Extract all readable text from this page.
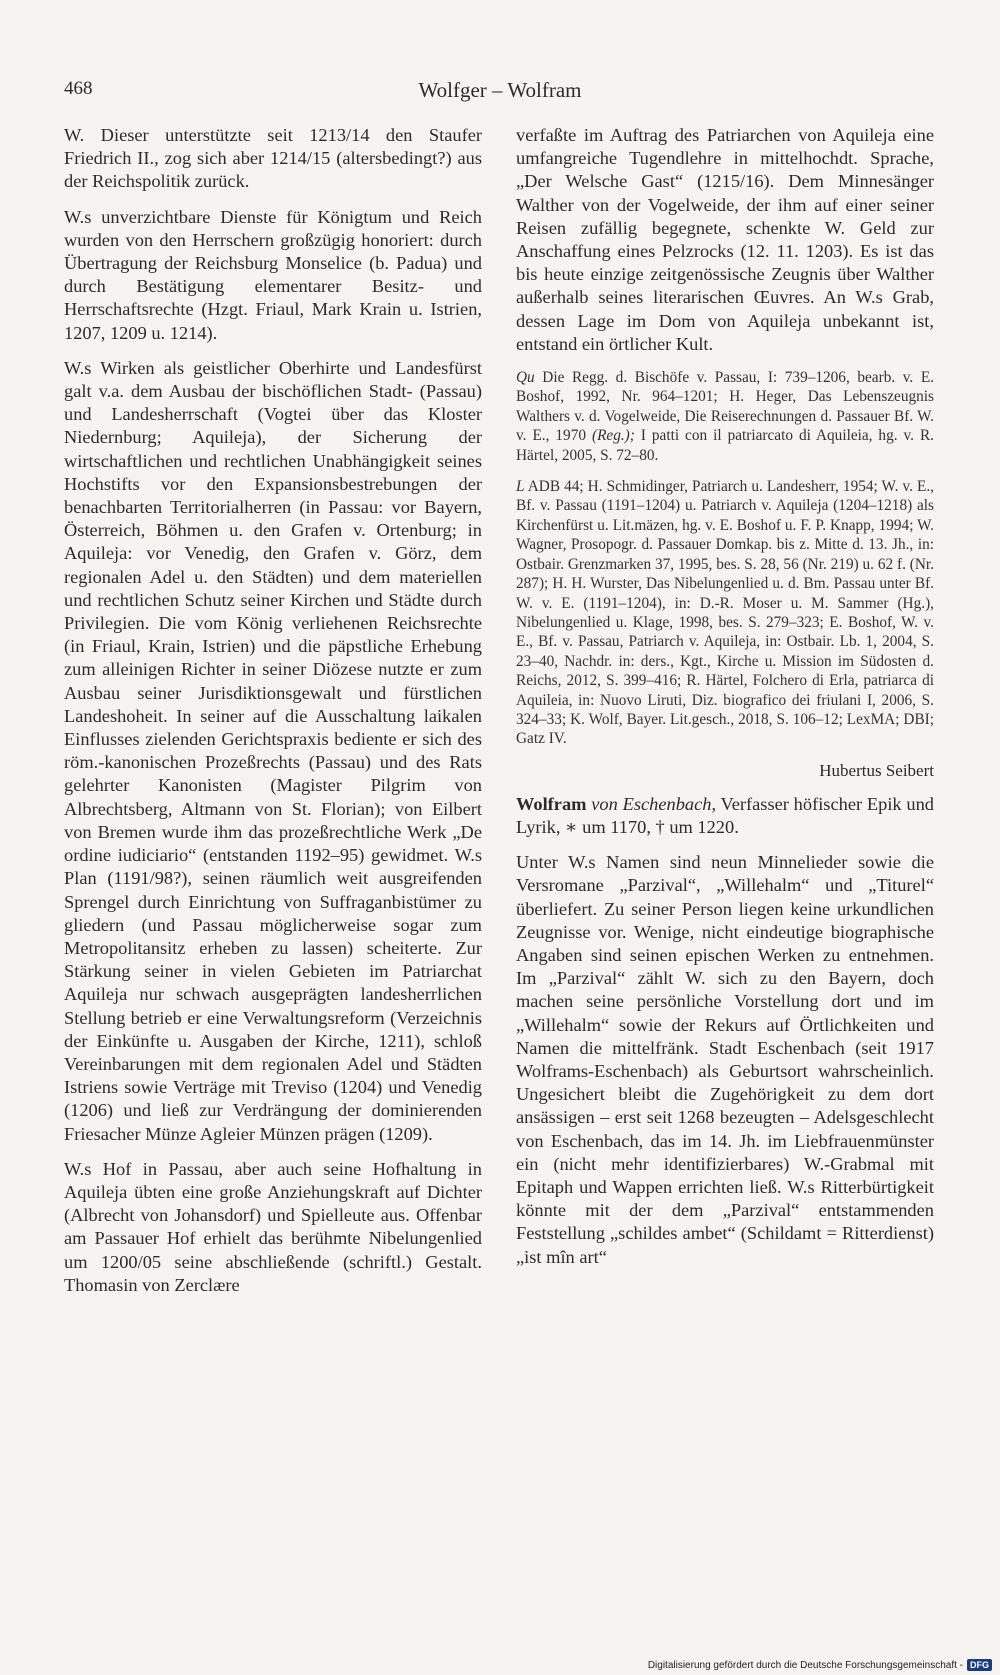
468	Wolfger – Wolfram

W. Dieser unterstützte seit 1213/14 den Staufer Friedrich II., zog sich aber 1214/15 (altersbedingt?) aus der Reichspolitik zurück.

W.s unverzichtbare Dienste für Königtum und Reich wurden von den Herrschern großzügig honoriert: durch Übertragung der Reichsburg Monselice (b. Padua) und durch Bestätigung elementarer Besitz- und Herrschaftsrechte (Hzgt. Friaul, Mark Krain u. Istrien, 1207, 1209 u. 1214).

W.s Wirken als geistlicher Oberhirte und Landesfürst galt v.a. dem Ausbau der bischöflichen Stadt- (Passau) und Landesherrschaft (Vogtei über das Kloster Niedernburg; Aquileja), der Sicherung der wirtschaftlichen und rechtlichen Unabhängigkeit seines Hochstifts vor den Expansionsbestrebungen der benachbarten Territorialherren (in Passau: vor Bayern, Österreich, Böhmen u. den Grafen v. Ortenburg; in Aquileja: vor Venedig, den Grafen v. Görz, dem regionalen Adel u. den Städten) und dem materiellen und rechtlichen Schutz seiner Kirchen und Städte durch Privilegien. Die vom König verliehenen Reichsrechte (in Friaul, Krain, Istrien) und die päpstliche Erhebung zum alleinigen Richter in seiner Diözese nutzte er zum Ausbau seiner Jurisdiktionsgewalt und fürstlichen Landeshoheit. In seiner auf die Ausschaltung laikalen Einflusses zielenden Gerichtspraxis bediente er sich des röm.-kanonischen Prozeßrechts (Passau) und des Rats gelehrter Kanonisten (Magister Pilgrim von Albrechtsberg, Altmann von St. Florian); von Eilbert von Bremen wurde ihm das prozeßrechtliche Werk „De ordine iudiciario“ (entstanden 1192–95) gewidmet. W.s Plan (1191/98?), seinen räumlich weit ausgreifenden Sprengel durch Einrichtung von Suffraganbistümer zu gliedern (und Passau möglicherweise sogar zum Metropolitansitz erheben zu lassen) scheiterte. Zur Stärkung seiner in vielen Gebieten im Patriarchat Aquileja nur schwach ausgeprägten landesherrlichen Stellung betrieb er eine Verwaltungsreform (Verzeichnis der Einkünfte u. Ausgaben der Kirche, 1211), schloß Vereinbarungen mit dem regionalen Adel und Städten Istriens sowie Verträge mit Treviso (1204) und Venedig (1206) und ließ zur Verdrängung der dominierenden Friesacher Münze Agleier Münzen prägen (1209).

W.s Hof in Passau, aber auch seine Hofhaltung in Aquileja übten eine große Anziehungskraft auf Dichter (Albrecht von Johansdorf) und Spielleute aus. Offenbar am Passauer Hof erhielt das berühmte Nibelungenlied um 1200/05 seine abschließende (schriftl.) Gestalt. Thomasin von Zerclære

verfaßte im Auftrag des Patriarchen von Aquileja eine umfangreiche Tugendlehre in mittelhochdt. Sprache, „Der Welsche Gast“ (1215/16). Dem Minnesänger Walther von der Vogelweide, der ihm auf einer seiner Reisen zufällig begegnete, schenkte W. Geld zur Anschaffung eines Pelzrocks (12. 11. 1203). Es ist das bis heute einzige zeitgenössische Zeugnis über Walther außerhalb seines literarischen Œuvres. An W.s Grab, dessen Lage im Dom von Aquileja unbekannt ist, entstand ein örtlicher Kult.

Qu Die Regg. d. Bischöfe v. Passau, I: 739–1206, bearb. v. E. Boshof, 1992, Nr. 964–1201; H. Heger, Das Lebenszeugnis Walthers v. d. Vogelweide, Die Reiserechnungen d. Passauer Bf. W. v. E., 1970 (Reg.); I patti con il patriarcato di Aquileia, hg. v. R. Härtel, 2005, S. 72–80.

L ADB 44; H. Schmidinger, Patriarch u. Landesherr, 1954; W. v. E., Bf. v. Passau (1191–1204) u. Patriarch v. Aquileja (1204–1218) als Kirchenfürst u. Lit.mäzen, hg. v. E. Boshof u. F. P. Knapp, 1994; W. Wagner, Prosopogr. d. Passauer Domkap. bis z. Mitte d. 13. Jh., in: Ostbair. Grenzmarken 37, 1995, bes. S. 28, 56 (Nr. 219) u. 62 f. (Nr. 287); H. H. Wurster, Das Nibelungenlied u. d. Bm. Passau unter Bf. W. v. E. (1191–1204), in: D.-R. Moser u. M. Sammer (Hg.), Nibelungenlied u. Klage, 1998, bes. S. 279–323; E. Boshof, W. v. E., Bf. v. Passau, Patriarch v. Aquileja, in: Ostbair. Lb. 1, 2004, S. 23–40, Nachdr. in: ders., Kgt., Kirche u. Mission im Südosten d. Reichs, 2012, S. 399–416; R. Härtel, Folchero di Erla, patriarca di Aquileia, in: Nuovo Liruti, Diz. biografico dei friulani I, 2006, S. 324–33; K. Wolf, Bayer. Lit.gesch., 2018, S. 106–12; LexMA; DBI; Gatz IV.

Hubertus Seibert

Wolfram von Eschenbach, Verfasser höfischer Epik und Lyrik, ∗ um 1170, † um 1220.

Unter W.s Namen sind neun Minnelieder sowie die Versromane „Parzival“, „Willehalm“ und „Titurel“ überliefert. Zu seiner Person liegen keine urkundlichen Zeugnisse vor. Wenige, nicht eindeutige biographische Angaben sind seinen epischen Werken zu entnehmen. Im „Parzival“ zählt W. sich zu den Bayern, doch machen seine persönliche Vorstellung dort und im „Willehalm“ sowie der Rekurs auf Örtlichkeiten und Namen die mittelfränk. Stadt Eschenbach (seit 1917 Wolframs-Eschenbach) als Geburtsort wahrscheinlich. Ungesichert bleibt die Zugehörigkeit zu dem dort ansässigen – erst seit 1268 bezeugten – Adelsgeschlecht von Eschenbach, das im 14. Jh. im Liebfrauenmünster ein (nicht mehr identifizierbares) W.-Grabmal mit Epitaph und Wappen errichten ließ. W.s Ritterbürtigkeit könnte mit der dem „Parzival“ entstammenden Feststellung „schildes ambet“ (Schildamt = Ritterdienst) „ist mîn art“

Digitalisierung gefördert durch die Deutsche Forschungsgemeinschaft - DFG
